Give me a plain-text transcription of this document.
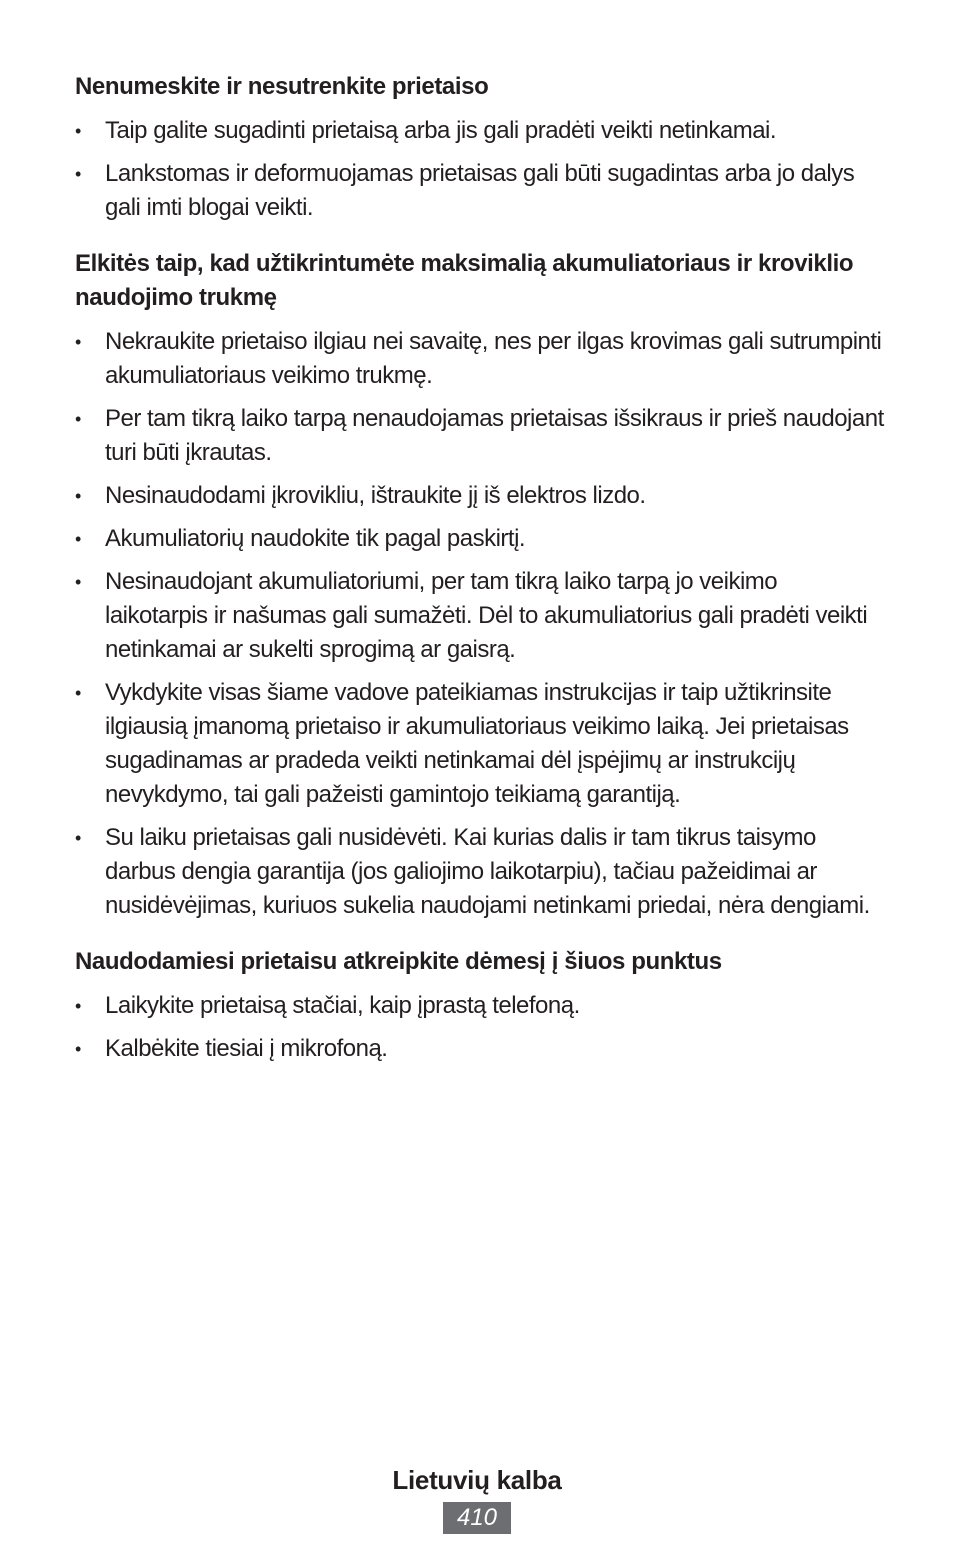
Nenumeskite ir nesutrenkite prietaiso
•	Taip galite sugadinti prietaisą arba jis gali pradėti veikti netinkamai.
•	Lankstomas ir deformuojamas prietaisas gali būti sugadintas arba jo dalys gali imti blogai veikti.
Elkitės taip, kad užtikrintumėte maksimalią akumuliatoriaus ir kroviklio naudojimo trukmę
•	Nekraukite prietaiso ilgiau nei savaitę, nes per ilgas krovimas gali sutrumpinti akumuliatoriaus veikimo trukmę.
•	Per tam tikrą laiko tarpą nenaudojamas prietaisas išsikraus ir prieš naudojant turi būti įkrautas.
•	Nesinaudodami įkrovikliu, ištraukite jį iš elektros lizdo.
•	Akumuliatorių naudokite tik pagal paskirtį.
•	Nesinaudojant akumuliatoriumi, per tam tikrą laiko tarpą jo veikimo laikotarpis ir našumas gali sumažėti. Dėl to akumuliatorius gali pradėti veikti netinkamai ar sukelti sprogimą ar gaisrą.
•	Vykdykite visas šiame vadove pateikiamas instrukcijas ir taip užtikrinsite ilgiausią įmanomą prietaiso ir akumuliatoriaus veikimo laiką. Jei prietaisas sugadinamas ar pradeda veikti netinkamai dėl įspėjimų ar instrukcijų nevykdymo, tai gali pažeisti gamintojo teikiamą garantiją.
•	Su laiku prietaisas gali nusidėvėti. Kai kurias dalis ir tam tikrus taisymo darbus dengia garantija (jos galiojimo laikotarpiu), tačiau pažeidimai ar nusidėvėjimas, kuriuos sukelia naudojami netinkami priedai, nėra dengiami.
Naudodamiesi prietaisu atkreipkite dėmesį į šiuos punktus
•	Laikykite prietaisą stačiai, kaip įprastą telefoną.
•	Kalbėkite tiesiai į mikrofoną.
Lietuvių kalba
410
